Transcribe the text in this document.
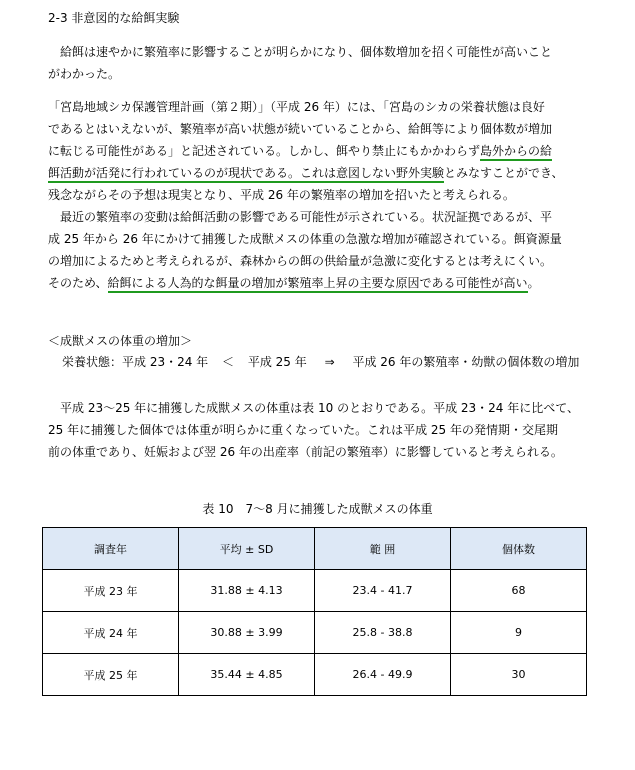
2-3 非意図的な給餌実験
　給餌は速やかに繁殖率に影響することが明らかになり、個体数増加を招く可能性が高いこと
がわかった。
「宮島地域シカ保護管理計画（第２期）」（平成 26 年）には、「宮島のシカの栄養状態は良好
であるとはいえないが、繁殖率が高い状態が続いていることから、給餌等により個体数が増加
に転じる可能性がある」と記述されている。しかし、餌やり禁止にもかかわらず島外からの給
餌活動が活発に行われているのが現状である。これは意図しない野外実験とみなすことができ、
残念ながらその予想は現実となり、平成 26 年の繁殖率の増加を招いたと考えられる。
　最近の繁殖率の変動は給餌活動の影響である可能性が示されている。状況証拠であるが、平
成 25 年から 26 年にかけて捕獲した成獣メスの体重の急激な増加が確認されている。餌資源量
の増加によるためと考えられるが、森林からの餌の供給量が急激に変化するとは考えにくい。
そのため、給餌による人為的な餌量の増加が繁殖率上昇の主要な原因である可能性が高い。
＜成獣メスの体重の増加＞
栄養状態：平成 23・24 年 ＜ 平成 25 年 ⇒ 平成 26 年の繁殖率・幼獣の個体数の増加
　平成 23～25 年に捕獲した成獣メスの体重は表 10 のとおりである。平成 23・24 年に比べて、
25 年に捕獲した個体では体重が明らかに重くなっていた。これは平成 25 年の発情期・交尾期
前の体重であり、妊娠および翌 26 年の出産率（前記の繁殖率）に影響していると考えられる。
表 10　7～8 月に捕獲した成獣メスの体重
調査年	平均 ± SD	範 囲	個体数
平成 23 年	31.88 ± 4.13	23.4 - 41.7	68
平成 24 年	30.88 ± 3.99	25.8 - 38.8	9
平成 25 年	35.44 ± 4.85	26.4 - 49.9	30
